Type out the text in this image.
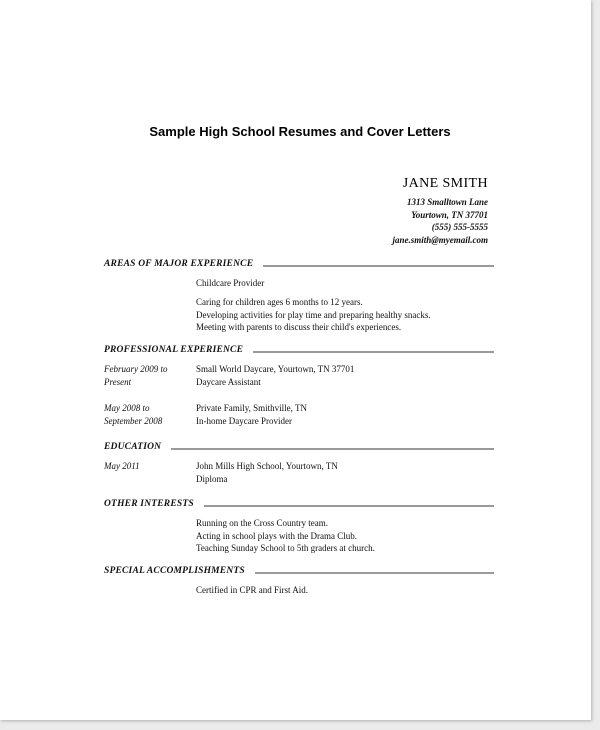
Sample High School Resumes and Cover Letters
JANE SMITH
1313 Smalltown Lane
Yourtown, TN 37701
(555) 555-5555
jane.smith@myemail.com
AREAS OF MAJOR EXPERIENCE
Childcare Provider
Caring for children ages 6 months to 12 years.
Developing activities for play time and preparing healthy snacks.
Meeting with parents to discuss their child's experiences.
PROFESSIONAL EXPERIENCE
February 2009 to
Present
Small World Daycare, Yourtown, TN 37701
Daycare Assistant
May 2008 to
September 2008
Private Family, Smithville, TN
In-home Daycare Provider
EDUCATION
May 2011	John Mills High School, Yourtown, TN
Diploma
OTHER INTERESTS
Running on the Cross Country team.
Acting in school plays with the Drama Club.
Teaching Sunday School to 5th graders at church.
SPECIAL ACCOMPLISHMENTS
Certified in CPR and First Aid.
